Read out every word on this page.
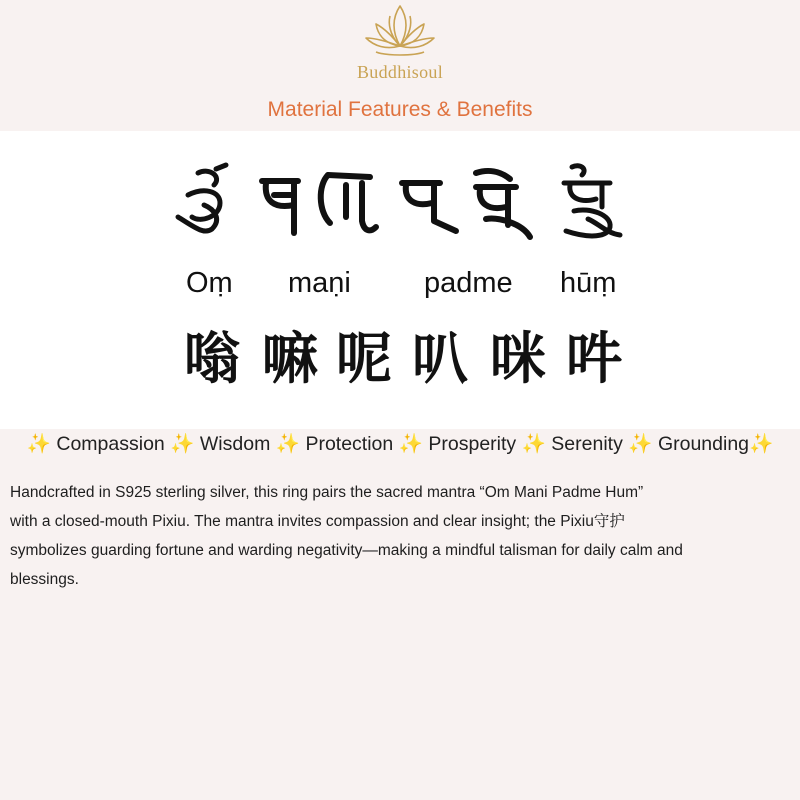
Buddhisoul
Material Features & Benefits
Oṃ maṇi	padme hūṃ
嗡 嘛 呢 叭 咪 吽
✨ Compassion ✨ Wisdom ✨ Protection ✨ Prosperity ✨ Serenity ✨ Grounding✨
Handcrafted in S925 sterling silver, this ring pairs the sacred mantra “Om Mani Padme Hum”
with a closed-mouth Pixiu. The mantra invites compassion and clear insight; the Pixiu守护
symbolizes guarding fortune and warding negativity—making a mindful talisman for daily calm and
blessings.
